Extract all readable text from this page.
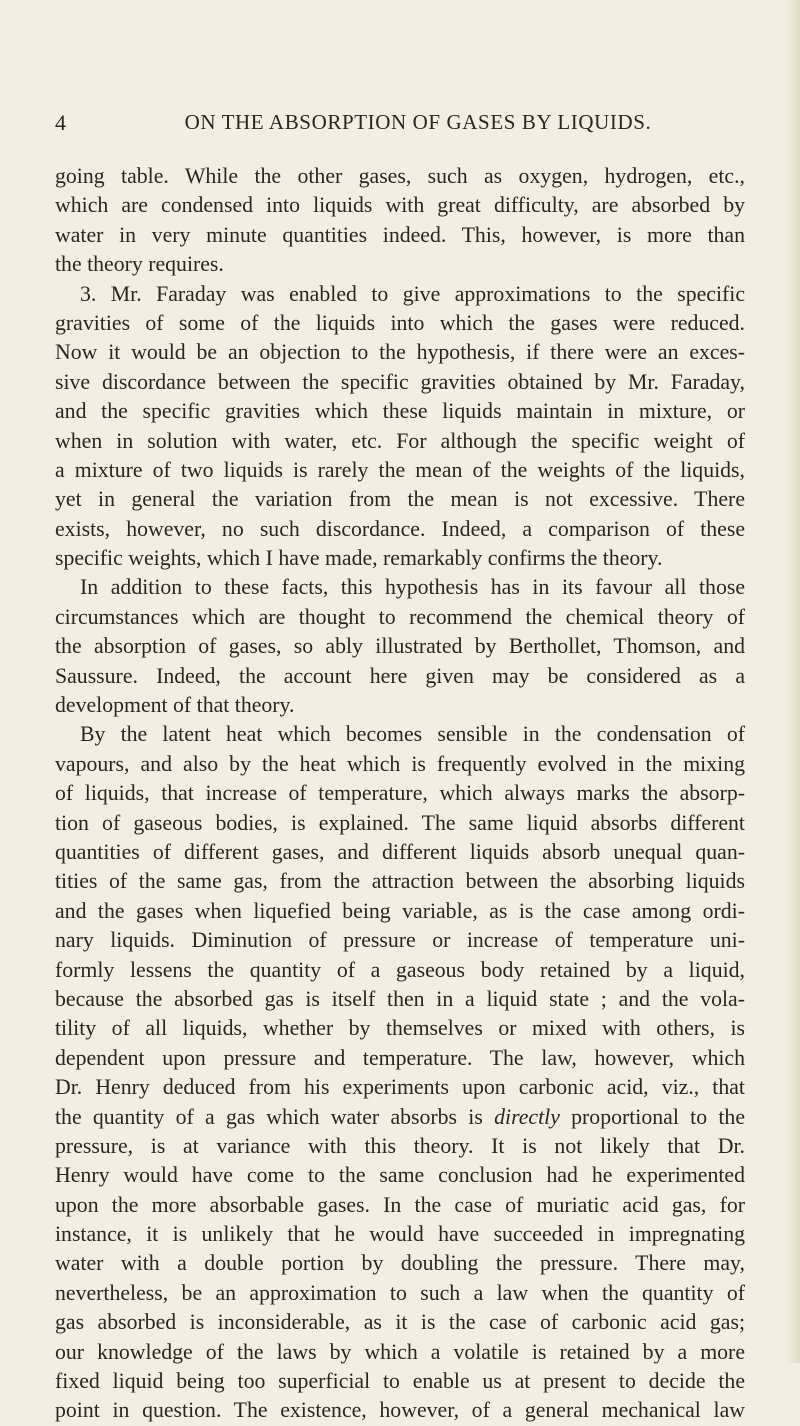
4	ON THE ABSORPTION OF GASES BY LIQUIDS.

going table. While the other gases, such as oxygen, hydrogen, etc.,
which are condensed into liquids with great difficulty, are absorbed by
water in very minute quantities indeed. This, however, is more than
the theory requires.

3. Mr. Faraday was enabled to give approximations to the specific
gravities of some of the liquids into which the gases were reduced.
Now it would be an objection to the hypothesis, if there were an exces-
sive discordance between the specific gravities obtained by Mr. Faraday,
and the specific gravities which these liquids maintain in mixture, or
when in solution with water, etc. For although the specific weight of
a mixture of two liquids is rarely the mean of the weights of the liquids,
yet in general the variation from the mean is not excessive. There
exists, however, no such discordance. Indeed, a comparison of these
specific weights, which I have made, remarkably confirms the theory.

In addition to these facts, this hypothesis has in its favour all those
circumstances which are thought to recommend the chemical theory of
the absorption of gases, so ably illustrated by Berthollet, Thomson, and
Saussure. Indeed, the account here given may be considered as a
development of that theory.

By the latent heat which becomes sensible in the condensation of
vapours, and also by the heat which is frequently evolved in the mixing
of liquids, that increase of temperature, which always marks the absorp-
tion of gaseous bodies, is explained. The same liquid absorbs different
quantities of different gases, and different liquids absorb unequal quan-
tities of the same gas, from the attraction between the absorbing liquids
and the gases when liquefied being variable, as is the case among ordi-
nary liquids. Diminution of pressure or increase of temperature uni-
formly lessens the quantity of a gaseous body retained by a liquid,
because the absorbed gas is itself then in a liquid state ; and the vola-
tility of all liquids, whether by themselves or mixed with others, is
dependent upon pressure and temperature. The law, however, which
Dr. Henry deduced from his experiments upon carbonic acid, viz., that
the quantity of a gas which water absorbs is directly proportional to the
pressure, is at variance with this theory. It is not likely that Dr.
Henry would have come to the same conclusion had he experimented
upon the more absorbable gases. In the case of muriatic acid gas, for
instance, it is unlikely that he would have succeeded in impregnating
water with a double portion by doubling the pressure. There may,
nevertheless, be an approximation to such a law when the quantity of
gas absorbed is inconsiderable, as it is the case of carbonic acid gas;
our knowledge of the laws by which a volatile is retained by a more
fixed liquid being too superficial to enable us at present to decide the
point in question. The existence, however, of a general mechanical law
